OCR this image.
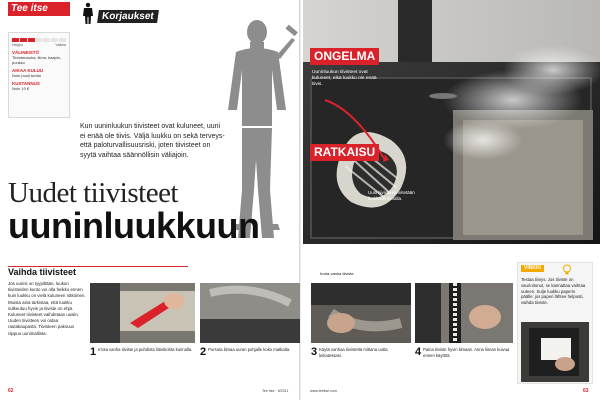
Tee itse
Korjaukset
Helppo	Vaikea
VÄLINEISTÖ
Tiivistenauha, liima, kaapin, puukko
AIKAA KULUU
Noin puoli tuntia
KUSTANNUS
Noin 10 €
Kun uuninluukun tiivisteet ovat kuluneet, uuni ei enää ole tiivis. Väljä luukku on sekä terveys- että paloturvallisuusriski, joten tiivisteet on syytä vaihtaa säännöllisin väliajoin.
Uudet tiivisteet
uuninluukkuun
ONGELMA
Uuninluukun tiivisteet ovat kuluneet, eikä luukku ole enää tiivis.
RATKAISU
Uusi tiiviste kiinnitetään luukkuun liimalla.
Vaihda tiivisteet
Jos uunisi on tyypiltään, luukun tiivisteiden kunto voi olla heikko ennen kuin luukku on vielä kuluneen näköinen. Muista aina tarkistaa, että luukku sulkeutuu hyvin ja tiiviste on ehjä. Kuluneet tiivisteet vaihdetaan uusiin. Uuden tiivisteen voi ostaa rautakaupasta. Tiivisteen paksuus riippuu uunimallista.
Irrota vanha tiiviste.
1 Irrota vanha tiiviste ja puhdista liitoskohta kunnolla. 2 Pursota liimaa uuran pohjalle koko matkalta.	3 Käytä vanhaa tiivistettä mittana uutta leikatessasi.	4 Paina tiiviste hyvin liimaan. Anna liiman kuivua ennen käyttöä.
VINKKI
Testaa tiiviys. Jos tiiviste on vaurioitunut, se kannattaa vaihtaa uuteen. Sulje luukku paperin päälle: jos paperi lähtee helposti, vaihda tiiviste.
62	Tee Itse · 8/2011	www.teeitse.com	63
